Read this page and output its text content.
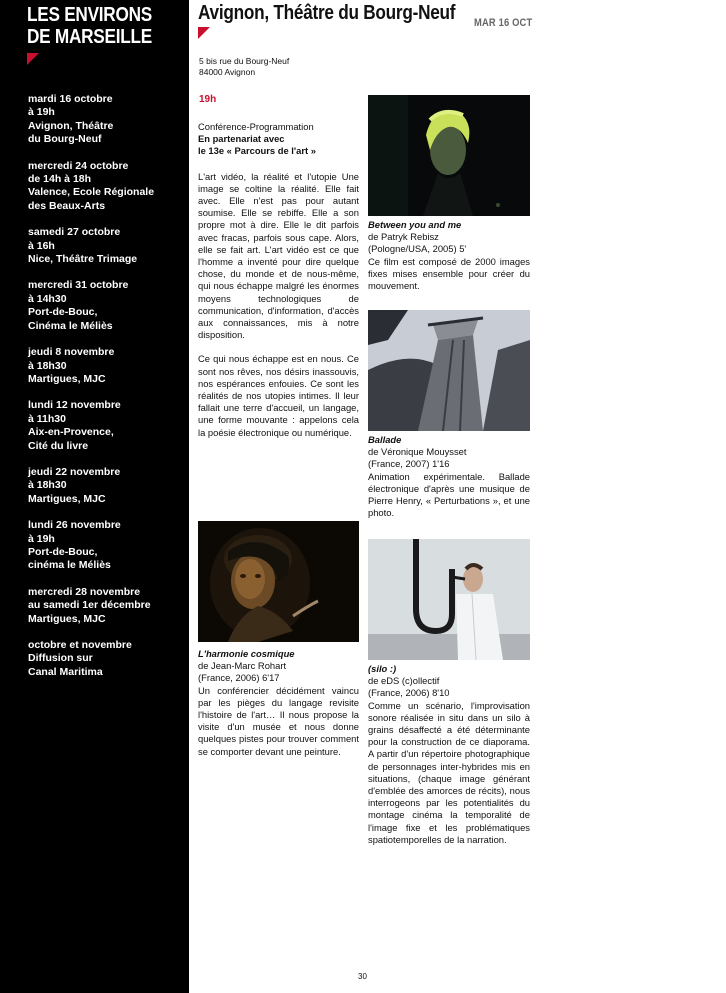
LES ENVIRONS
DE MARSEILLE
mardi 16 octobre
à 19h
Avignon, Théâtre
du Bourg-Neuf
mercredi 24 octobre
de 14h à 18h
Valence, Ecole Régionale
des Beaux-Arts
samedi 27 octobre
à 16h
Nice, Théâtre Trimage
mercredi 31 octobre
à 14h30
Port-de-Bouc,
Cinéma le Méliès
jeudi 8 novembre
à 18h30
Martigues, MJC
lundi 12 novembre
à 11h30
Aix-en-Provence,
Cité du livre
jeudi 22 novembre
à 18h30
Martigues, MJC
lundi 26 novembre
à 19h
Port-de-Bouc,
cinéma le Méliès
mercredi 28 novembre
au samedi 1er décembre
Martigues, MJC
octobre et novembre
Diffusion sur
Canal Maritima
Avignon, Théâtre du Bourg-Neuf MAR 16 OCT
5 bis rue du Bourg-Neuf
84000 Avignon
19h

Conférence-Programmation
En partenariat avec
le 13e « Parcours de l'art »

L'art vidéo, la réalité et l'utopie Une image se coltine la réalité. Elle fait avec. Elle n'est pas pour autant soumise. Elle se rebiffe. Elle a son propre mot à dire. Elle le dit parfois avec fracas, parfois sous cape. Alors, elle se fait art. L'art vidéo est ce que l'homme a inventé pour dire quelque chose, du monde et de nous-même, qui nous échappe malgré les énormes moyens technologiques de communication, d'information, d'accès aux connaissances, mis à notre disposition.

Ce qui nous échappe est en nous. Ce sont nos rêves, nos désirs inassouvis, nos espérances enfouies. Ce sont les réalités de nos utopies intimes. Il leur fallait une terre d'accueil, un langage, une forme mouvante : appelons cela la poésie électronique ou numérique.

L'harmonie cosmique
de Jean-Marc Rohart
(France, 2006) 6'17
Un conférencier décidément vaincu par les pièges du langage revisite l'histoire de l'art… Il nous propose la visite d'un musée et nous donne quelques pistes pour trouver comment se comporter devant une peinture.
Between you and me
de Patryk Rebisz
(Pologne/USA, 2005) 5'
Ce film est composé de 2000 images fixes mises ensemble pour créer du mouvement.
Ballade
de Véronique Mouysset
(France, 2007) 1'16
Animation expérimentale. Ballade électronique d'après une musique de Pierre Henry, « Perturbations », et une photo.
(silo :)
de eDS (c)ollectif
(France, 2006) 8'10
Comme un scénario, l'improvisation sonore réalisée in situ dans un silo à grains désaffecté a été déterminante pour la construction de ce diaporama. A partir d'un répertoire photographique de personnages inter-hybrides mis en situations, (chaque image générant d'emblée des amorces de récits), nous interrogeons par les potentialités du montage cinéma la temporalité de l'image fixe et les problématiques spatiotemporelles de la narration.
30
